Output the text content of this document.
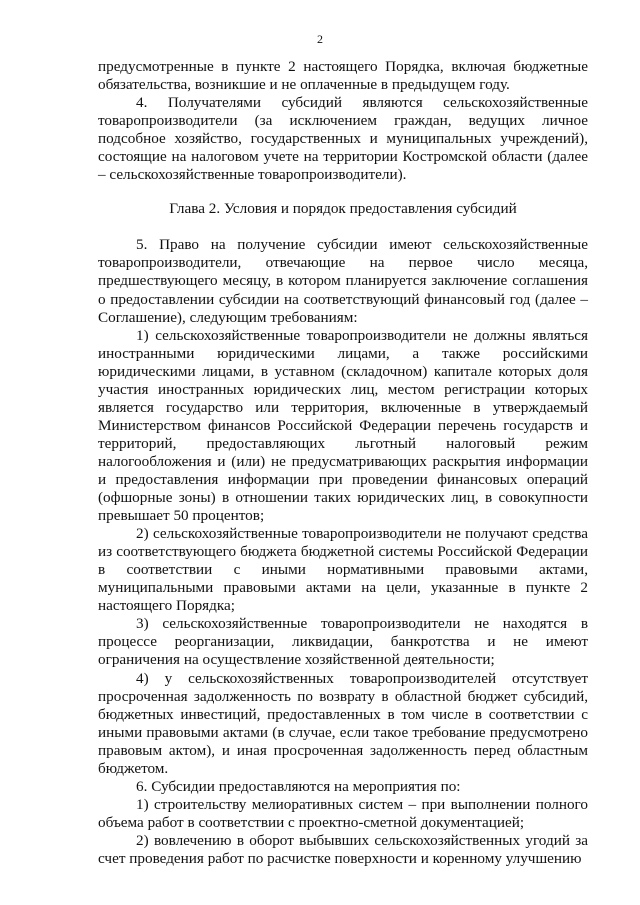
2

предусмотренные в пункте 2 настоящего Порядка, включая бюджетные обязательства, возникшие и не оплаченные в предыдущем году.

4. Получателями субсидий являются сельскохозяйственные товаропроизводители (за исключением граждан, ведущих личное подсобное хозяйство, государственных и муниципальных учреждений), состоящие на налоговом учете на территории Костромской области (далее – сельскохозяйственные товаропроизводители).

Глава 2. Условия и порядок предоставления субсидий

5. Право на получение субсидии имеют сельскохозяйственные товаропроизводители, отвечающие на первое число месяца, предшествующего месяцу, в котором планируется заключение соглашения о предоставлении субсидии на соответствующий финансовый год (далее – Соглашение), следующим требованиям:

1) сельскохозяйственные товаропроизводители не должны являться иностранными юридическими лицами, а также российскими юридическими лицами, в уставном (складочном) капитале которых доля участия иностранных юридических лиц, местом регистрации которых является государство или территория, включенные в утверждаемый Министерством финансов Российской Федерации перечень государств и территорий, предоставляющих льготный налоговый режим налогообложения и (или) не предусматривающих раскрытия информации и предоставления информации при проведении финансовых операций (офшорные зоны) в отношении таких юридических лиц, в совокупности превышает 50 процентов;

2) сельскохозяйственные товаропроизводители не получают средства из соответствующего бюджета бюджетной системы Российской Федерации в соответствии с иными нормативными правовыми актами, муниципальными правовыми актами на цели, указанные в пункте 2 настоящего Порядка;

3) сельскохозяйственные товаропроизводители не находятся в процессе реорганизации, ликвидации, банкротства и не имеют ограничения на осуществление хозяйственной деятельности;

4) у сельскохозяйственных товаропроизводителей отсутствует просроченная задолженность по возврату в областной бюджет субсидий, бюджетных инвестиций, предоставленных в том числе в соответствии с иными правовыми актами (в случае, если такое требование предусмотрено правовым актом), и иная просроченная задолженность перед областным бюджетом.

6. Субсидии предоставляются на мероприятия по:

1) строительству мелиоративных систем – при выполнении полного объема работ в соответствии с проектно-сметной документацией;

2) вовлечению в оборот выбывших сельскохозяйственных угодий за счет проведения работ по расчистке поверхности и коренному улучшению
